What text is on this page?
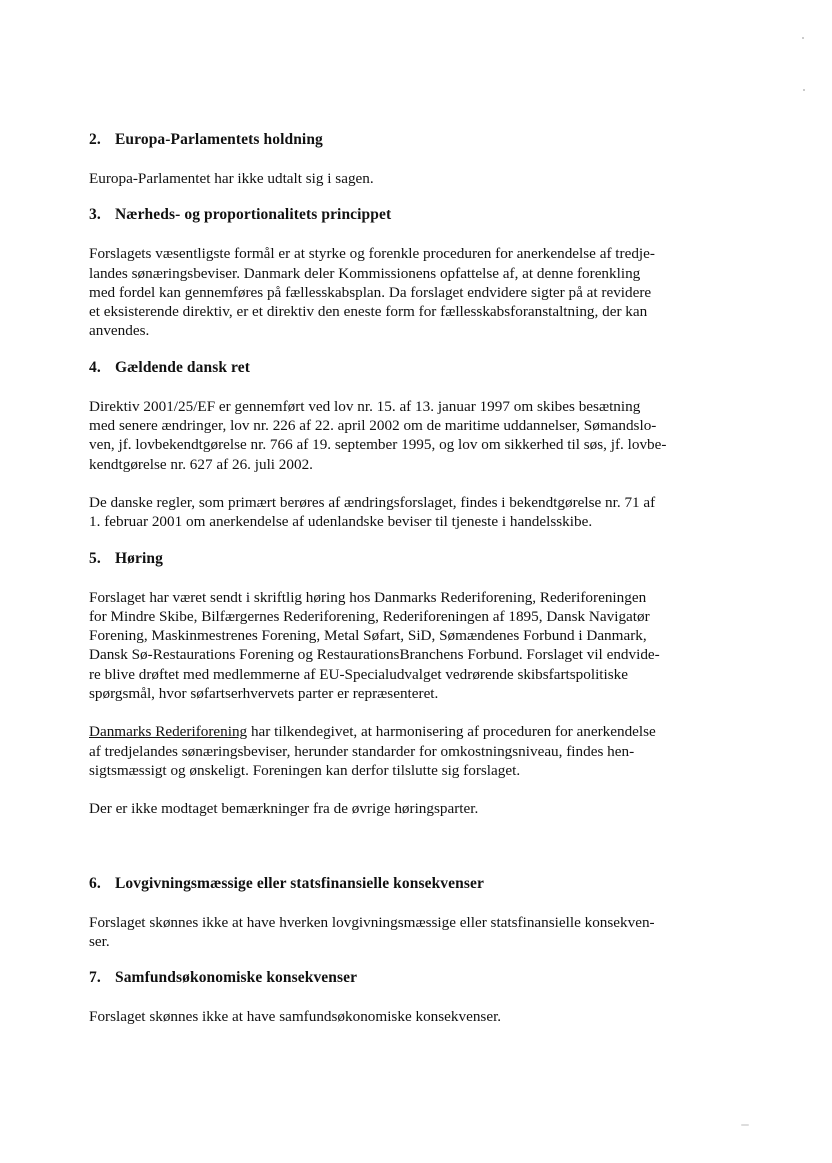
2. Europa-Parlamentets holdning

Europa-Parlamentet har ikke udtalt sig i sagen.

3. Nærheds- og proportionalitets princippet

Forslagets væsentligste formål er at styrke og forenkle proceduren for anerkendelse af tredje-
landes sønæringsbeviser. Danmark deler Kommissionens opfattelse af, at denne forenkling
med fordel kan gennemføres på fællesskabsplan. Da forslaget endvidere sigter på at revidere
et eksisterende direktiv, er et direktiv den eneste form for fællesskabsforanstaltning, der kan
anvendes.

4. Gældende dansk ret

Direktiv 2001/25/EF er gennemført ved lov nr. 15. af 13. januar 1997 om skibes besætning
med senere ændringer, lov nr. 226 af 22. april 2002 om de maritime uddannelser, Sømandslo-
ven, jf. lovbekendtgørelse nr. 766 af 19. september 1995, og lov om sikkerhed til søs, jf. lovbe-
kendtgørelse nr. 627 af 26. juli 2002.

De danske regler, som primært berøres af ændringsforslaget, findes i bekendtgørelse nr. 71 af
1. februar 2001 om anerkendelse af udenlandske beviser til tjeneste i handelsskibe.

5. Høring

Forslaget har været sendt i skriftlig høring hos Danmarks Rederiforening, Rederiforeningen
for Mindre Skibe, Bilfærgernes Rederiforening, Rederiforeningen af 1895, Dansk Navigatør
Forening, Maskinmestrenes Forening, Metal Søfart, SiD, Sømændenes Forbund i Danmark,
Dansk Sø-Restaurations Forening og RestaurationsBranchens Forbund. Forslaget vil endvide-
re blive drøftet med medlemmerne af EU-Specialudvalget vedrørende skibsfartspolitiske
spørgsmål, hvor søfartserhvervets parter er repræsenteret.

Danmarks Rederiforening har tilkendegivet, at harmonisering af proceduren for anerkendelse
af tredjelandes sønæringsbeviser, herunder standarder for omkostningsniveau, findes hen-
sigtsmæssigt og ønskeligt. Foreningen kan derfor tilslutte sig forslaget.

Der er ikke modtaget bemærkninger fra de øvrige høringsparter.

6. Lovgivningsmæssige eller statsfinansielle konsekvenser

Forslaget skønnes ikke at have hverken lovgivningsmæssige eller statsfinansielle konsekven-
ser.

7. Samfundsøkonomiske konsekvenser

Forslaget skønnes ikke at have samfundsøkonomiske konsekvenser.
